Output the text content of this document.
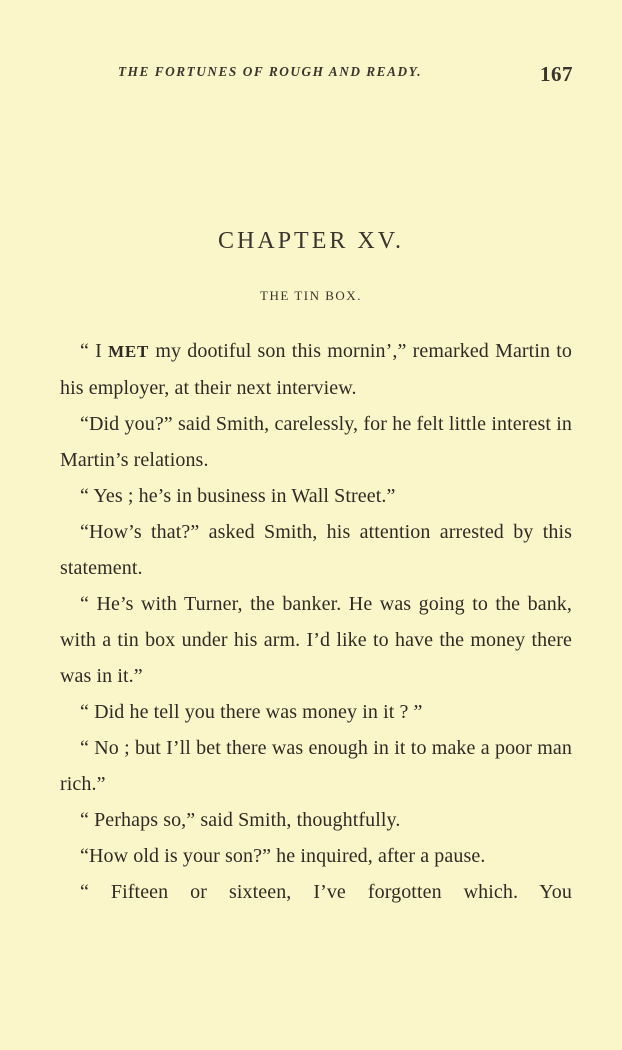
THE FORTUNES OF ROUGH AND READY.	167
CHAPTER XV.
THE TIN BOX.

“ I MET my dootiful son this mornin’,” remarked Martin to his employer, at their next interview.

“Did you?” said Smith, carelessly, for he felt little interest in Martin’s relations.

“ Yes ; he’s in business in Wall Street.”

“How’s that?” asked Smith, his attention arrested by this statement.

“ He’s with Turner, the banker. He was going to the bank, with a tin box under his arm. I’d like to have the money there was in it.”

“ Did he tell you there was money in it ? ”

“ No ; but I’ll bet there was enough in it to make a poor man rich.”

“ Perhaps so,” said Smith, thoughtfully.

“How old is your son?” he inquired, after a pause.

“ Fifteen or sixteen, I’ve forgotten which. You
